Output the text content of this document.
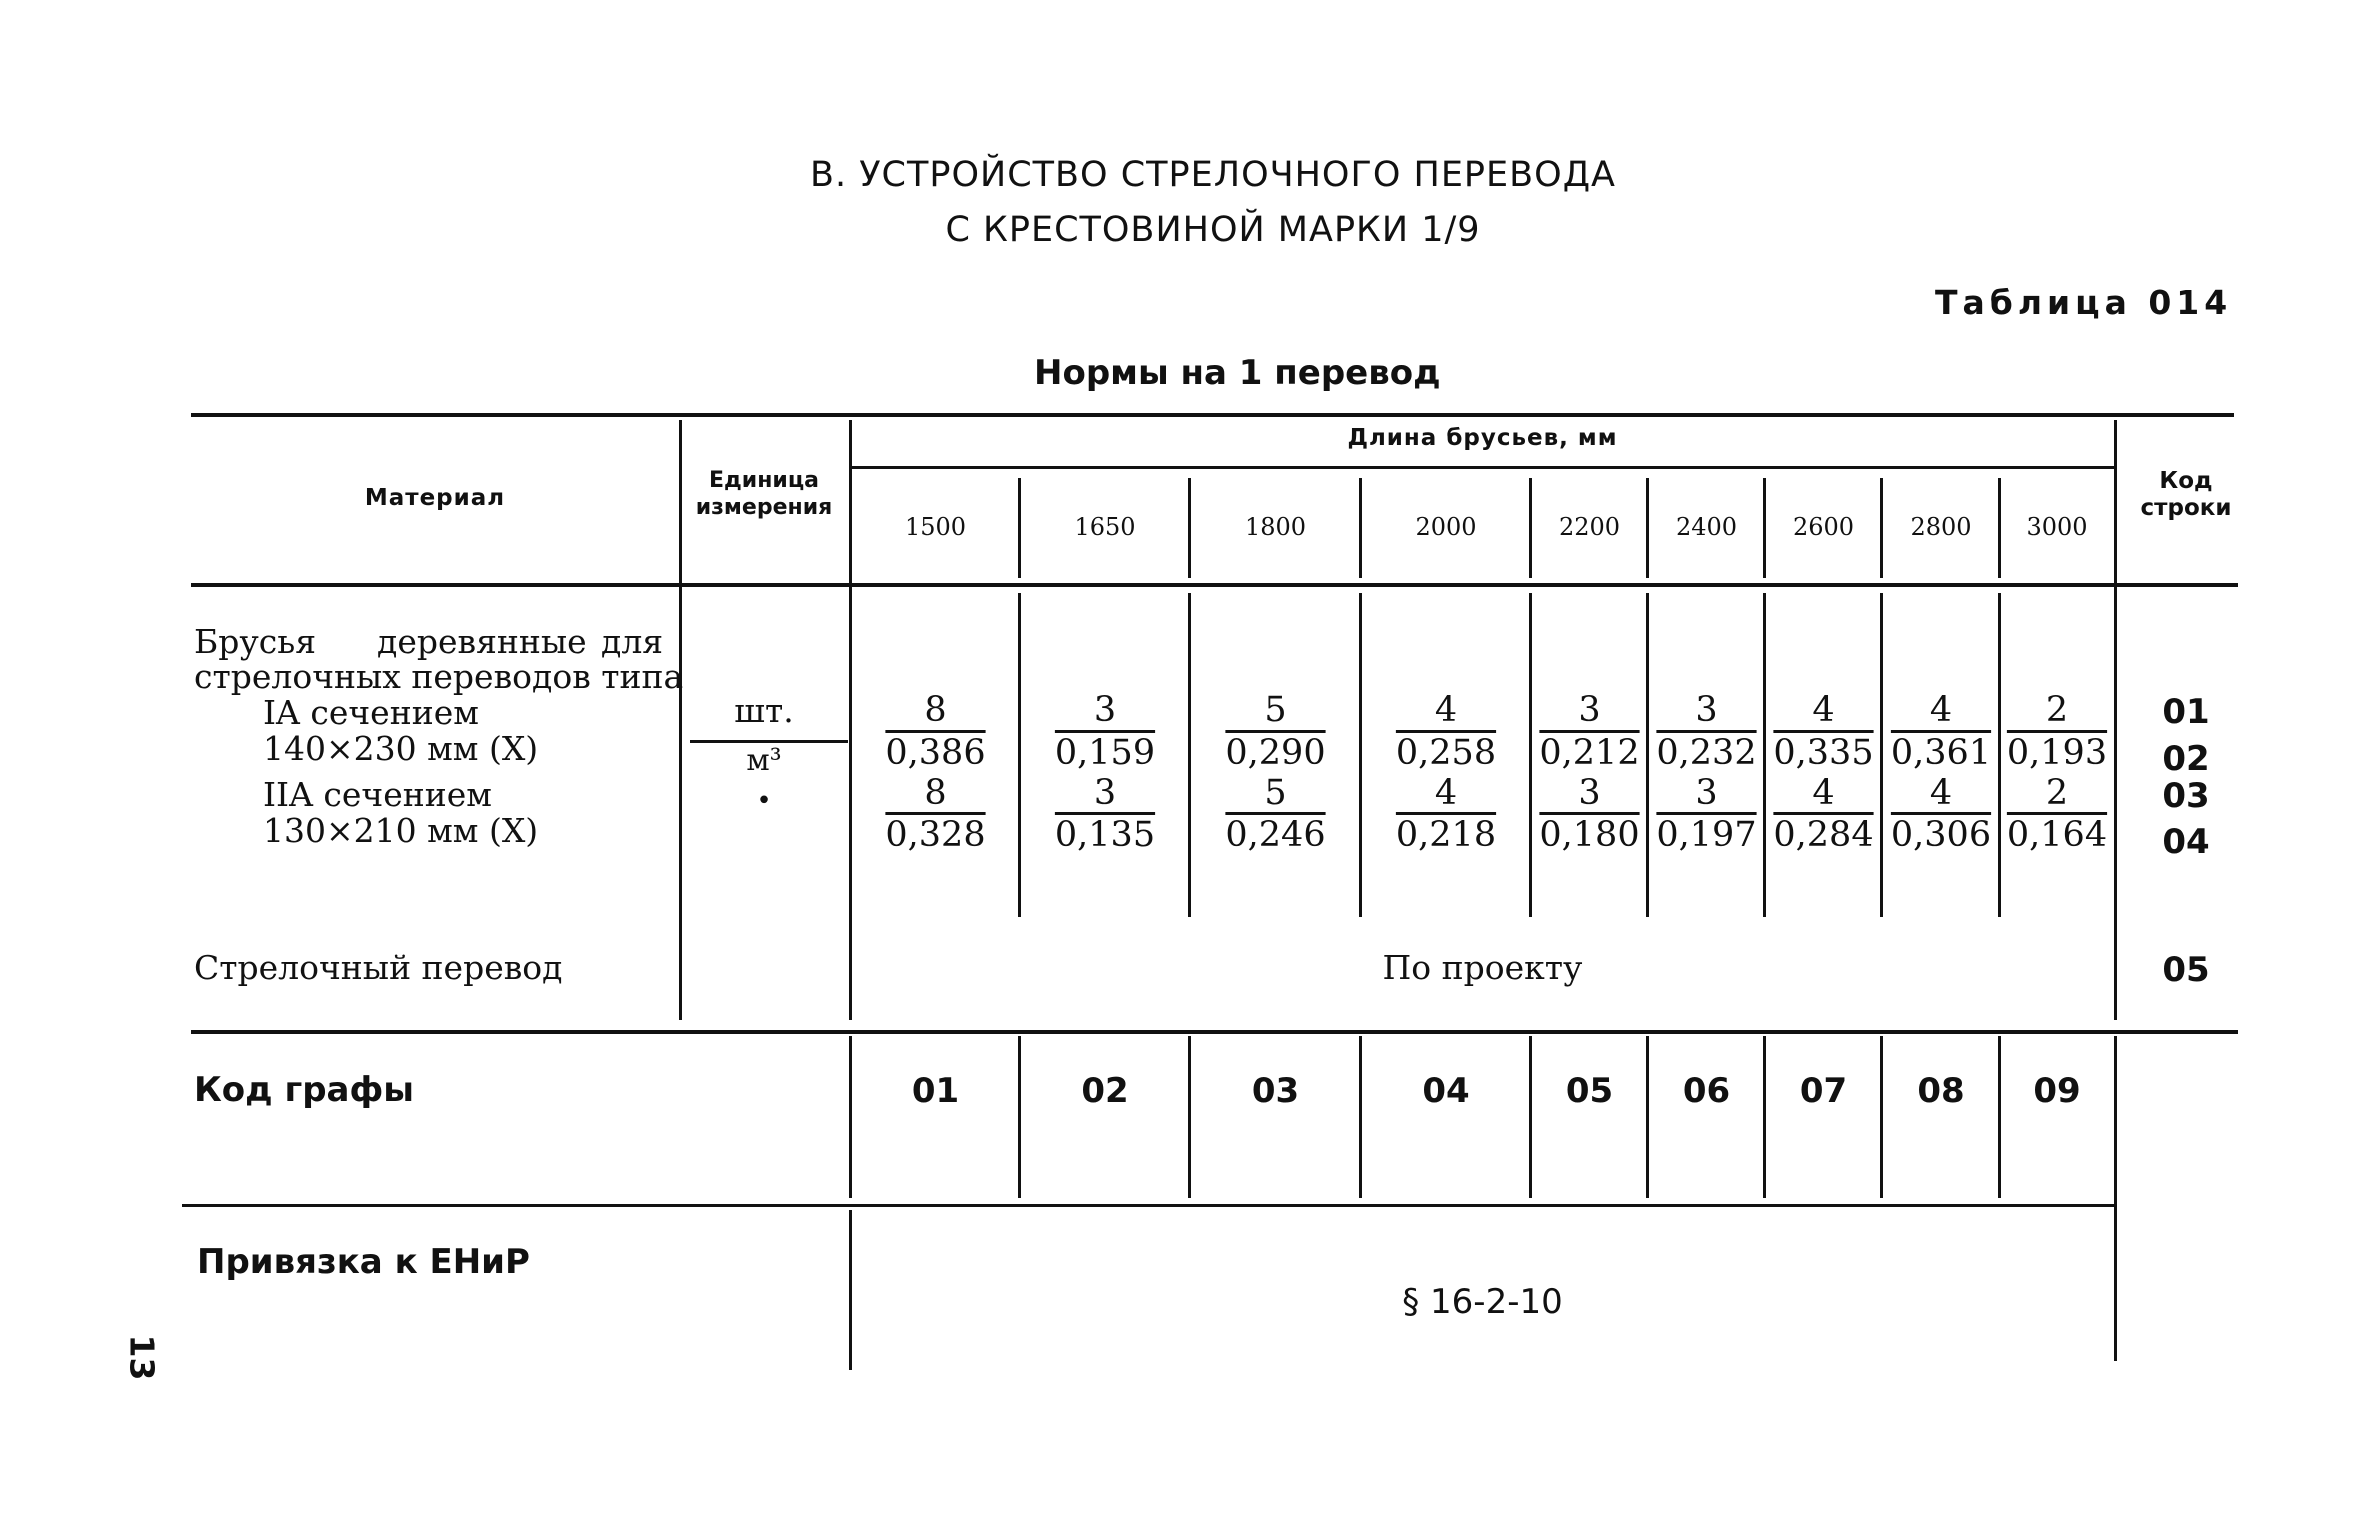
В. УСТРОЙСТВО СТРЕЛОЧНОГО ПЕРЕВОДА
С КРЕСТОВИНОЙ МАРКИ 1/9
Таблица 014
Нормы на 1 перевод
Материал
Единица
измерения
Длина брусьев, мм
Код
строки
Брусья деревянные для
стрелочных переводов типа
IA сечением
140×230 мм (Х)
IIA сечением
130×210 мм (Х)
шт.
м³
•
01
02
03
04
05
Стрелочный перевод	По проекту
Код графы
Привязка к ЕНиР
§ 16-2-10
13
1500
8
0,386
8
0,328
01
1650
3
0,159
3
0,135
02
1800
5
0,290
5
0,246
03
2000
4
0,258
4
0,218
04
2200
3
0,212
3
0,180
05
2400
3
0,232
3
0,197
06
2600
4
0,335
4
0,284
07
2800
4
0,361
4
0,306
08
3000
2
0,193
2
0,164
09
